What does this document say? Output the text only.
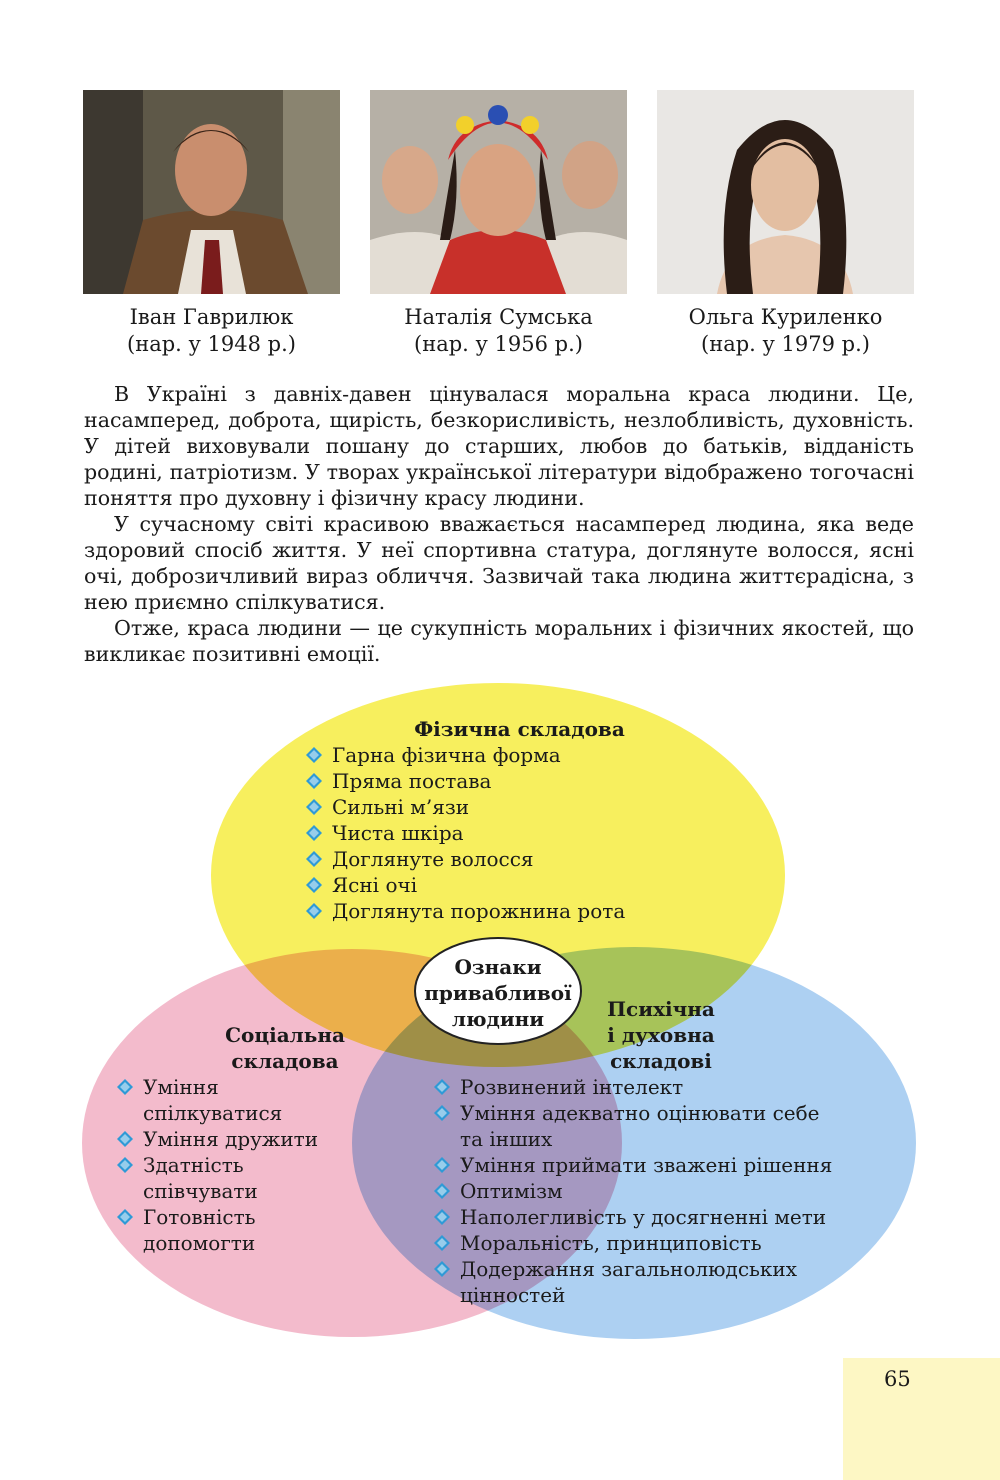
Іван Гаврилюк
(нар. у 1948 р.)
Наталія Сумська
(нар. у 1956 р.)
Ольга Куриленко
(нар. у 1979 р.)

В Україні з давніх-давен цінувалася моральна краса людини. Це, насамперед, доброта, щирість, безкорисливість, незлобливість, духовність. У дітей виховували пошану до старших, любов до батьків, відданість родині, патріотизм. У творах української літератури відображено тогочасні поняття про духовну і фізичну красу людини.

У сучасному світі красивою вважається насамперед людина, яка веде здоровий спосіб життя. У неї спортивна статура, доглянуте волосся, ясні очі, доброзичливий вираз обличчя. Зазвичай така людина життєрадісна, з нею приємно спілкуватися.

Отже, краса людини — це сукупність моральних і фізичних якостей, що викликає позитивні емоції.

Ознаки
привабливої
людини
Фізична складова
Гарна фізична форма
Пряма постава
Сильні м’язи
Чиста шкіра
Доглянуте волосся
Ясні очі
Доглянута порожнина рота
Соціальна
складова
Уміння
спілкуватися
Уміння дружити
Здатність
співчувати
Готовність
допомогти
Психічна
і духовна
складові
Розвинений інтелект
Уміння адекватно оцінювати себе
та інших
Уміння приймати зважені рішення
Оптимізм
Наполегливість у досягненні мети
Моральність, принциповість
Додержання загальнолюдських
цінностей
65
